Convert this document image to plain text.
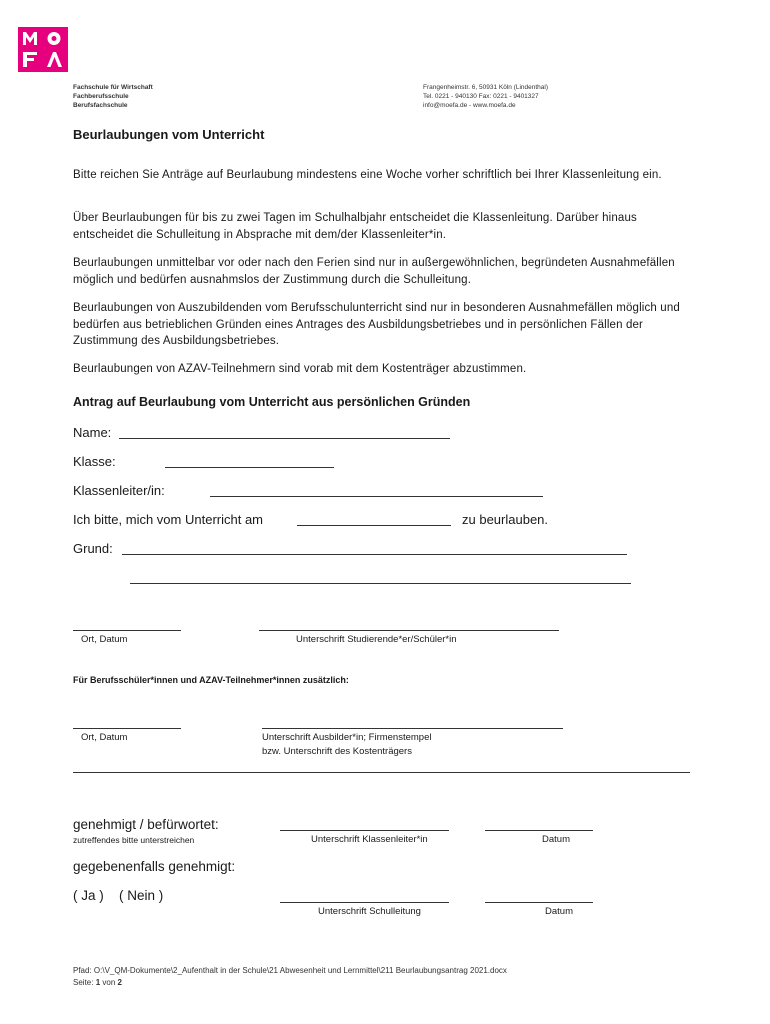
Fachschule für Wirtschaft
Fachberufsschule
Berufsfachschule
Frangenheimstr. 6, 50931 Köln (Lindenthal)
Tel. 0221 - 940130 Fax: 0221 - 9401327
info@moefa.de - www.moefa.de
Beurlaubungen vom Unterricht

Bitte reichen Sie Anträge auf Beurlaubung mindestens eine Woche vorher schriftlich bei Ihrer Klassenleitung ein.

Über Beurlaubungen für bis zu zwei Tagen im Schulhalbjahr entscheidet die Klassenleitung. Darüber hinaus entscheidet die Schulleitung in Absprache mit dem/der Klassenleiter*in.

Beurlaubungen unmittelbar vor oder nach den Ferien sind nur in außergewöhnlichen, begründeten Ausnahmefällen möglich und bedürfen ausnahmslos der Zustimmung durch die Schulleitung.

Beurlaubungen von Auszubildenden vom Berufsschulunterricht sind nur in besonderen Ausnahmefällen möglich und bedürfen aus betrieblichen Gründen eines Antrages des Ausbildungsbetriebes und in persönlichen Fällen der Zustimmung des Ausbildungsbetriebes.

Beurlaubungen von AZAV-Teilnehmern sind vorab mit dem Kostenträger abzustimmen.

Antrag auf Beurlaubung vom Unterricht aus persönlichen Gründen
Name:
Klasse:
Klassenleiter/in:
Ich bitte, mich vom Unterricht am	zu beurlauben.
Grund:
Ort, Datum	Unterschrift Studierende*er/Schüler*in
Für Berufsschüler*innen und AZAV-Teilnehmer*innen zusätzlich:
Ort, Datum	Unterschrift Ausbilder*in; Firmenstempel
bzw. Unterschrift des Kostenträgers
genehmigt / befürwortet:
zutreffendes bitte unterstreichen	Unterschrift Klassenleiter*in	Datum
gegebenenfalls genehmigt:
( Ja ) ( Nein )
Unterschrift Schulleitung	Datum
Pfad: O:\V_QM-Dokumente\2_Aufenthalt in der Schule\21 Abwesenheit und Lernmittel\211 Beurlaubungsantrag 2021.docx
Seite: 1 von 2
